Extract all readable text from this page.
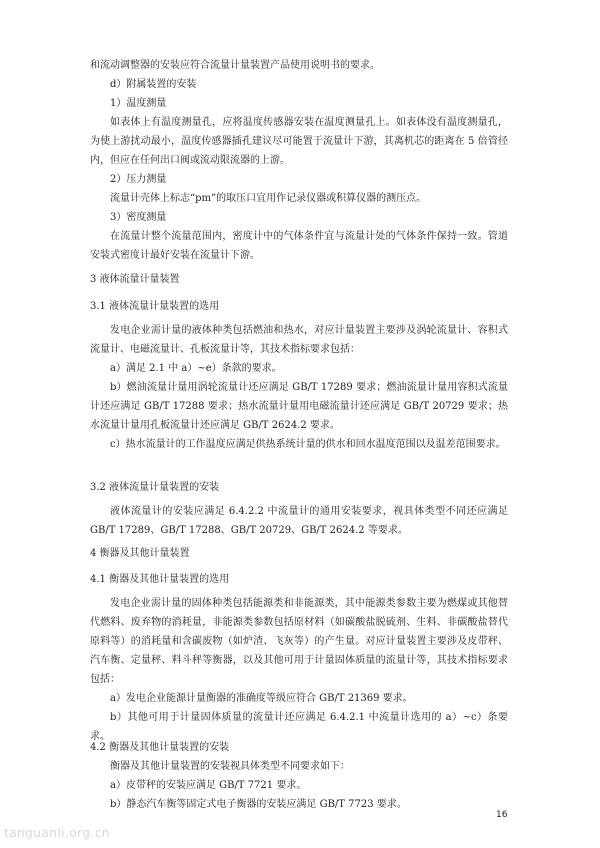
和流动调整器的安装应符合流量计量装置产品使用说明书的要求。

d）附属装置的安装

1）温度测量

如表体上有温度测量孔，应将温度传感器安装在温度测量孔上。如表体没有温度测量孔，为使上游扰动最小，温度传感器插孔建议尽可能置于流量计下游，其离机芯的距离在 5 倍管径内，但应在任何出口阀或流动限流器的上游。

2）压力测量

流量计壳体上标志“pm”的取压口宜用作记录仪器或积算仪器的测压点。

3）密度测量

在流量计整个流量范围内，密度计中的气体条件宜与流量计处的气体条件保持一致。管道安装式密度计最好安装在流量计下游。

3 液体流量计量装置

3.1 液体流量计量装置的选用

发电企业需计量的液体种类包括燃油和热水，对应计量装置主要涉及涡轮流量计、容积式流量计、电磁流量计、孔板流量计等，其技术指标要求包括：

a）满足 2.1 中 a）~e）条款的要求。

b）燃油流量计量用涡轮流量计还应满足 GB/T 17289 要求；燃油流量计量用容积式流量计还应满足 GB/T 17288 要求；热水流量计量用电磁流量计还应满足 GB/T 20729 要求；热水流量计量用孔板流量计还应满足 GB/T 2624.2 要求。

c）热水流量计的工作温度应满足供热系统计量的供水和回水温度范围以及温差范围要求。

3.2 液体流量计量装置的安装

液体流量计的安装应满足 6.4.2.2 中流量计的通用安装要求，视具体类型不同还应满足 GB/T 17289、GB/T 17288、GB/T 20729、GB/T 2624.2 等要求。

4 衡器及其他计量装置

4.1 衡器及其他计量装置的选用

发电企业需计量的固体种类包括能源类和非能源类，其中能源类参数主要为燃煤或其他替代燃料、废弃物的消耗量，非能源类参数包括原材料（如碳酸盐脱硫剂、生料、非碳酸盐替代原料等）的消耗量和含碳废物（如炉渣、飞灰等）的产生量。对应计量装置主要涉及皮带秤、汽车衡、定量秤、料斗秤等衡器，以及其他可用于计量固体质量的流量计等，其技术指标要求包括：

a）发电企业能源计量衡器的准确度等级应符合 GB/T 21369 要求。

b）其他可用于计量固体质量的流量计还应满足 6.4.2.1 中流量计选用的 a）~c）条要求。

4.2 衡器及其他计量装置的安装

衡器及其他计量装置的安装视具体类型不同要求如下：

a）皮带秤的安装应满足 GB/T 7721 要求。

b）静态汽车衡等固定式电子衡器的安装应满足 GB/T 7723 要求。

16
tanguanli.org.cn
